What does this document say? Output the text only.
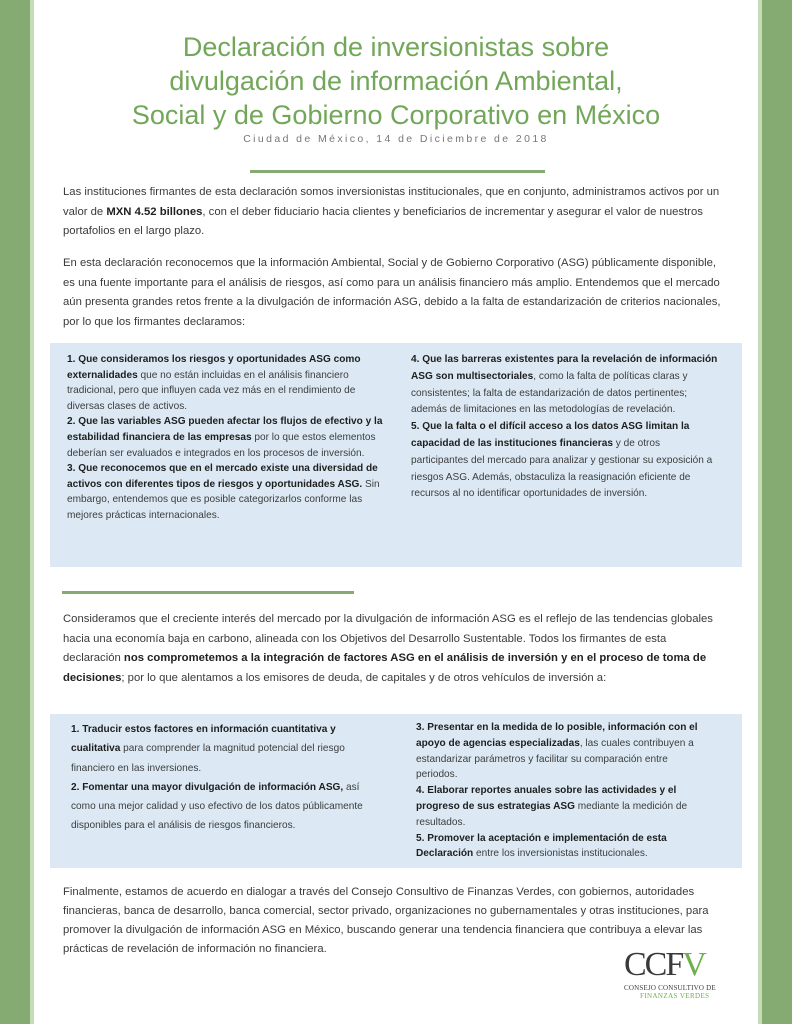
Declaración de inversionistas sobre
divulgación de información Ambiental,
Social y de Gobierno Corporativo en México
Ciudad de México, 14 de Diciembre de 2018
Las instituciones firmantes de esta declaración somos inversionistas institucionales, que en conjunto, administramos activos por un valor de MXN 4.52 billones, con el deber fiduciario hacia clientes y beneficiarios de incrementar y asegurar el valor de nuestros portafolios en el largo plazo.
En esta declaración reconocemos que la información Ambiental, Social y de Gobierno Corporativo (ASG) públicamente disponible, es una fuente importante para el análisis de riesgos, así como para un análisis financiero más amplio. Entendemos que el mercado aún presenta grandes retos frente a la divulgación de información ASG, debido a la falta de estandarización de criterios nacionales, por lo que los firmantes declaramos:

1. Que consideramos los riesgos y oportunidades ASG como externalidades que no están incluidas en el análisis financiero tradicional, pero que influyen cada vez más en el rendimiento de diversas clases de activos.

2. Que las variables ASG pueden afectar los flujos de efectivo y la estabilidad financiera de las empresas por lo que estos elementos deberían ser evaluados e integrados en los procesos de inversión.

3. Que reconocemos que en el mercado existe una diversidad de activos con diferentes tipos de riesgos y oportunidades ASG. Sin embargo, entendemos que es posible categorizarlos conforme las mejores prácticas internacionales.

4. Que las barreras existentes para la revelación de información ASG son multisectoriales, como la falta de políticas claras y consistentes; la falta de estandarización de datos pertinentes; además de limitaciones en las metodologías de revelación.

5. Que la falta o el difícil acceso a los datos ASG limitan la capacidad de las instituciones financieras y de otros participantes del mercado para analizar y gestionar su exposición a riesgos ASG. Además, obstaculiza la reasignación eficiente de recursos al no identificar oportunidades de inversión.

Consideramos que el creciente interés del mercado por la divulgación de información ASG es el reflejo de las tendencias globales hacia una economía baja en carbono, alineada con los Objetivos del Desarrollo Sustentable. Todos los firmantes de esta declaración nos comprometemos a la integración de factores ASG en el análisis de inversión y en el proceso de toma de decisiones; por lo que alentamos a los emisores de deuda, de capitales y de otros vehículos de inversión a:

1. Traducir estos factores en información cuantitativa y cualitativa para comprender la magnitud potencial del riesgo financiero en las inversiones.

2. Fomentar una mayor divulgación de información ASG, así como una mejor calidad y uso efectivo de los datos públicamente disponibles para el análisis de riesgos financieros.

3. Presentar en la medida de lo posible, información con el apoyo de agencias especializadas, las cuales contribuyen a estandarizar parámetros y facilitar su comparación entre periodos.

4. Elaborar reportes anuales sobre las actividades y el progreso de sus estrategias ASG mediante la medición de resultados.

5. Promover la aceptación e implementación de esta Declaración entre los inversionistas institucionales.

Finalmente, estamos de acuerdo en dialogar a través del Consejo Consultivo de Finanzas Verdes, con gobiernos, autoridades financieras, banca de desarrollo, banca comercial, sector privado, organizaciones no gubernamentales y otras instituciones, para promover la divulgación de información ASG en México, buscando generar una tendencia financiera que contribuya a elevar las prácticas de revelación de información no financiera.	CCFV
CONSEJO CONSULTIVO DE
FINANZAS VERDES
